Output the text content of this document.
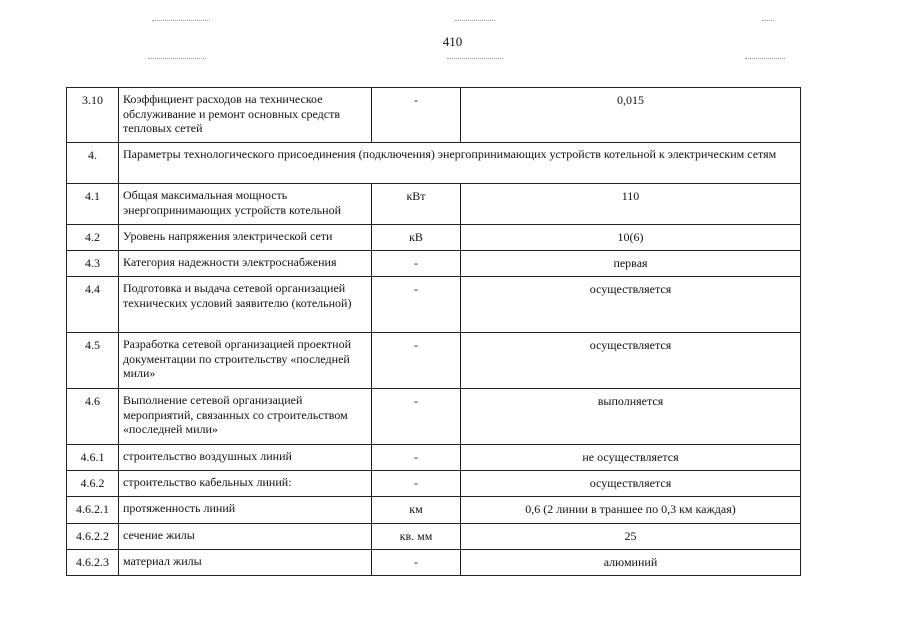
410
3.10	Коэффициент расходов на техническое обслуживание и ремонт основных средств тепловых сетей	-	0,015
4.	Параметры технологического присоединения (подключения) энергопринимающих устройств котельной к электрическим сетям		
4.1	Общая максимальная мощность энергопринимающих устройств котельной	кВт	110
4.2	Уровень напряжения электрической сети	кВ	10(6)
4.3	Категория надежности электроснабжения	-	первая
4.4	Подготовка и выдача сетевой организацией технических условий заявителю (котельной)	-	осуществляется
4.5	Разработка сетевой организацией проектной документации по строительству «последней мили»	-	осуществляется
4.6	Выполнение сетевой организацией мероприятий, связанных со строительством «последней мили»	-	выполняется
4.6.1	строительство воздушных линий	-	не осуществляется
4.6.2	строительство кабельных линий:	-	осуществляется
4.6.2.1	протяженность линий	км	0,6 (2 линии в траншее по 0,3 км каждая)
4.6.2.2	сечение жилы	кв. мм	25
4.6.2.3	материал жилы	-	алюминий
